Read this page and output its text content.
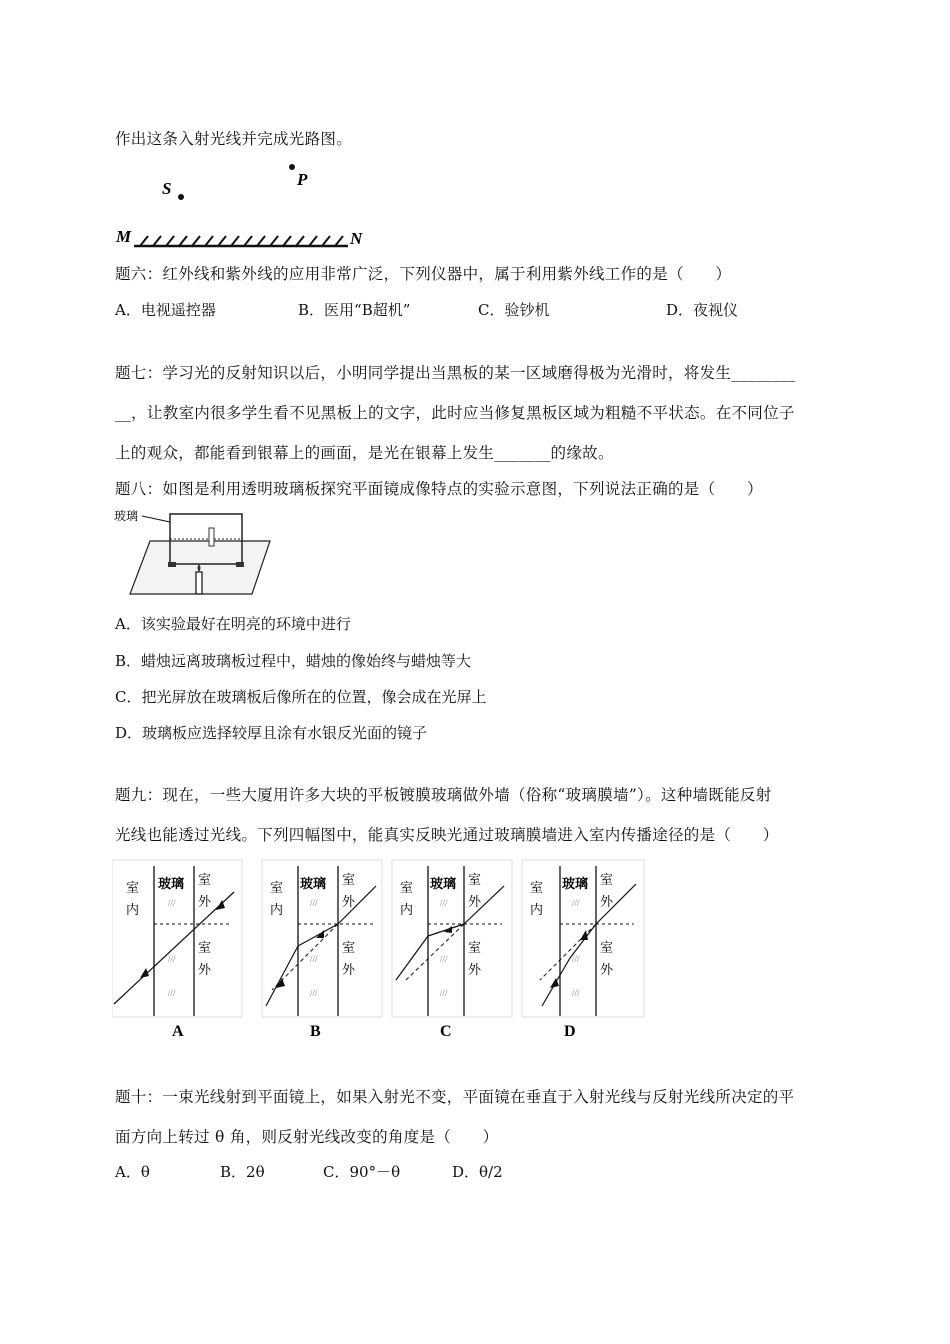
作出这条入射光线并完成光路图。
S	P
M	N
题六：红外线和紫外线的应用非常广泛，下列仪器中，属于利用紫外线工作的是（　　）
A．电视遥控器	B．医用“B超机”	C．验钞机	D．夜视仪
题七：学习光的反射知识以后，小明同学提出当黑板的某一区域磨得极为光滑时，将发生________
__，让教室内很多学生看不见黑板上的文字，此时应当修复黑板区域为粗糙不平状态。在不同位子
上的观众，都能看到银幕上的画面，是光在银幕上发生_______的缘故。
题八：如图是利用透明玻璃板探究平面镜成像特点的实验示意图，下列说法正确的是（　　）
玻璃
A．该实验最好在明亮的环境中进行
B．蜡烛远离玻璃板过程中，蜡烛的像始终与蜡烛等大
C．把光屏放在玻璃板后像所在的位置，像会成在光屏上
D．玻璃板应选择较厚且涂有水银反光面的镜子
题九：现在，一些大厦用许多大块的平板镀膜玻璃做外墙（俗称“玻璃膜墙”）。这种墙既能反射
光线也能透过光线。下列四幅图中，能真实反映光通过玻璃膜墙进入室内传播途径的是（　　）
室
内
玻璃 室
外
室
外
///
///
///
室
内
玻璃 室
外
室
外
///
///
///
室
内
玻璃 室
外
室
外
///
///
///
室
内
玻璃 室
外
室
外
///
///
///
A	B	C	D
题十：一束光线射到平面镜上，如果入射光不变，平面镜在垂直于入射光线与反射光线所决定的平
面方向上转过 θ 角，则反射光线改变的角度是（　　）
A．θ	B．2θ	C．90°－θ	D．θ/2
